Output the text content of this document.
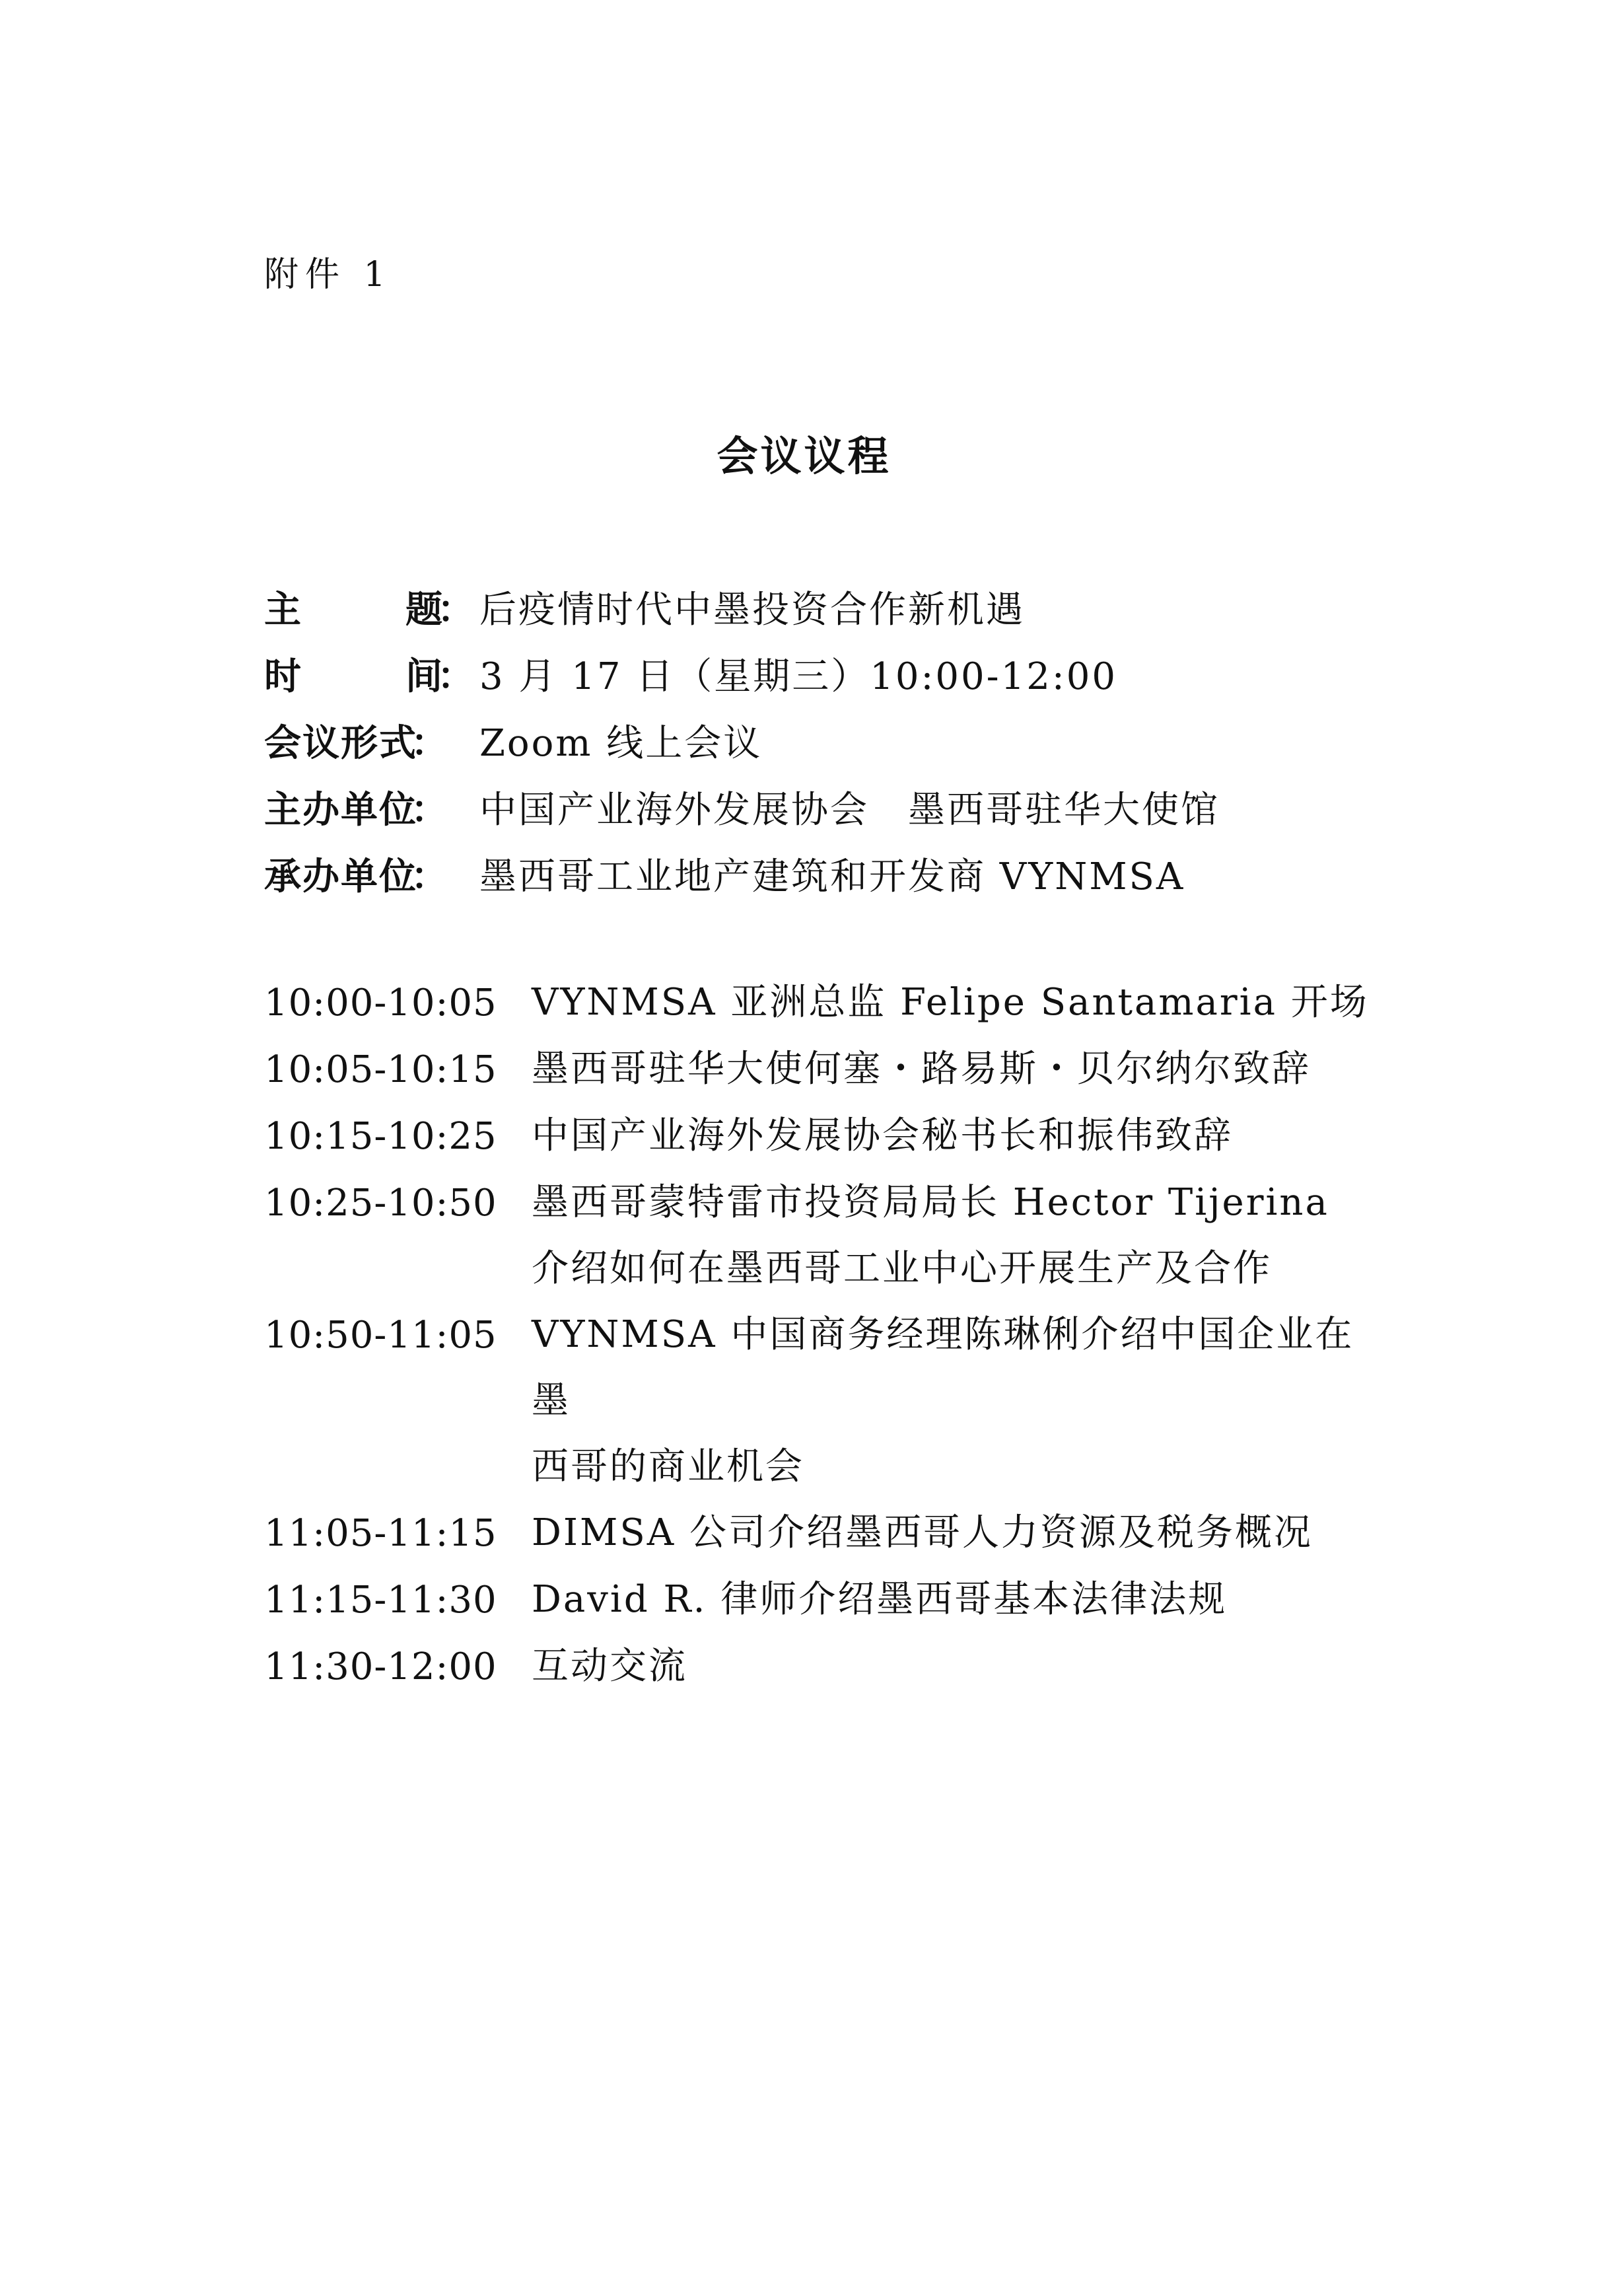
附件 1
会议议程
主	题： 后疫情时代中墨投资合作新机遇
时	间： 3 月 17 日（星期三）10:00-12:00
会议形式： Zoom 线上会议
主办单位： 中国产业海外发展协会　墨西哥驻华大使馆
承办单位： 墨西哥工业地产建筑和开发商 VYNMSA
10:00-10:05 VYNMSA 亚洲总监 Felipe Santamaria 开场
10:05-10:15 墨西哥驻华大使何塞・路易斯・贝尔纳尔致辞
10:15-10:25 中国产业海外发展协会秘书长和振伟致辞
10:25-10:50 墨西哥蒙特雷市投资局局长 Hector Tijerina
介绍如何在墨西哥工业中心开展生产及合作
10:50-11:05 VYNMSA 中国商务经理陈琳俐介绍中国企业在墨
西哥的商业机会
11:05-11:15 DIMSA 公司介绍墨西哥人力资源及税务概况
11:15-11:30 David R. 律师介绍墨西哥基本法律法规
11:30-12:00 互动交流
